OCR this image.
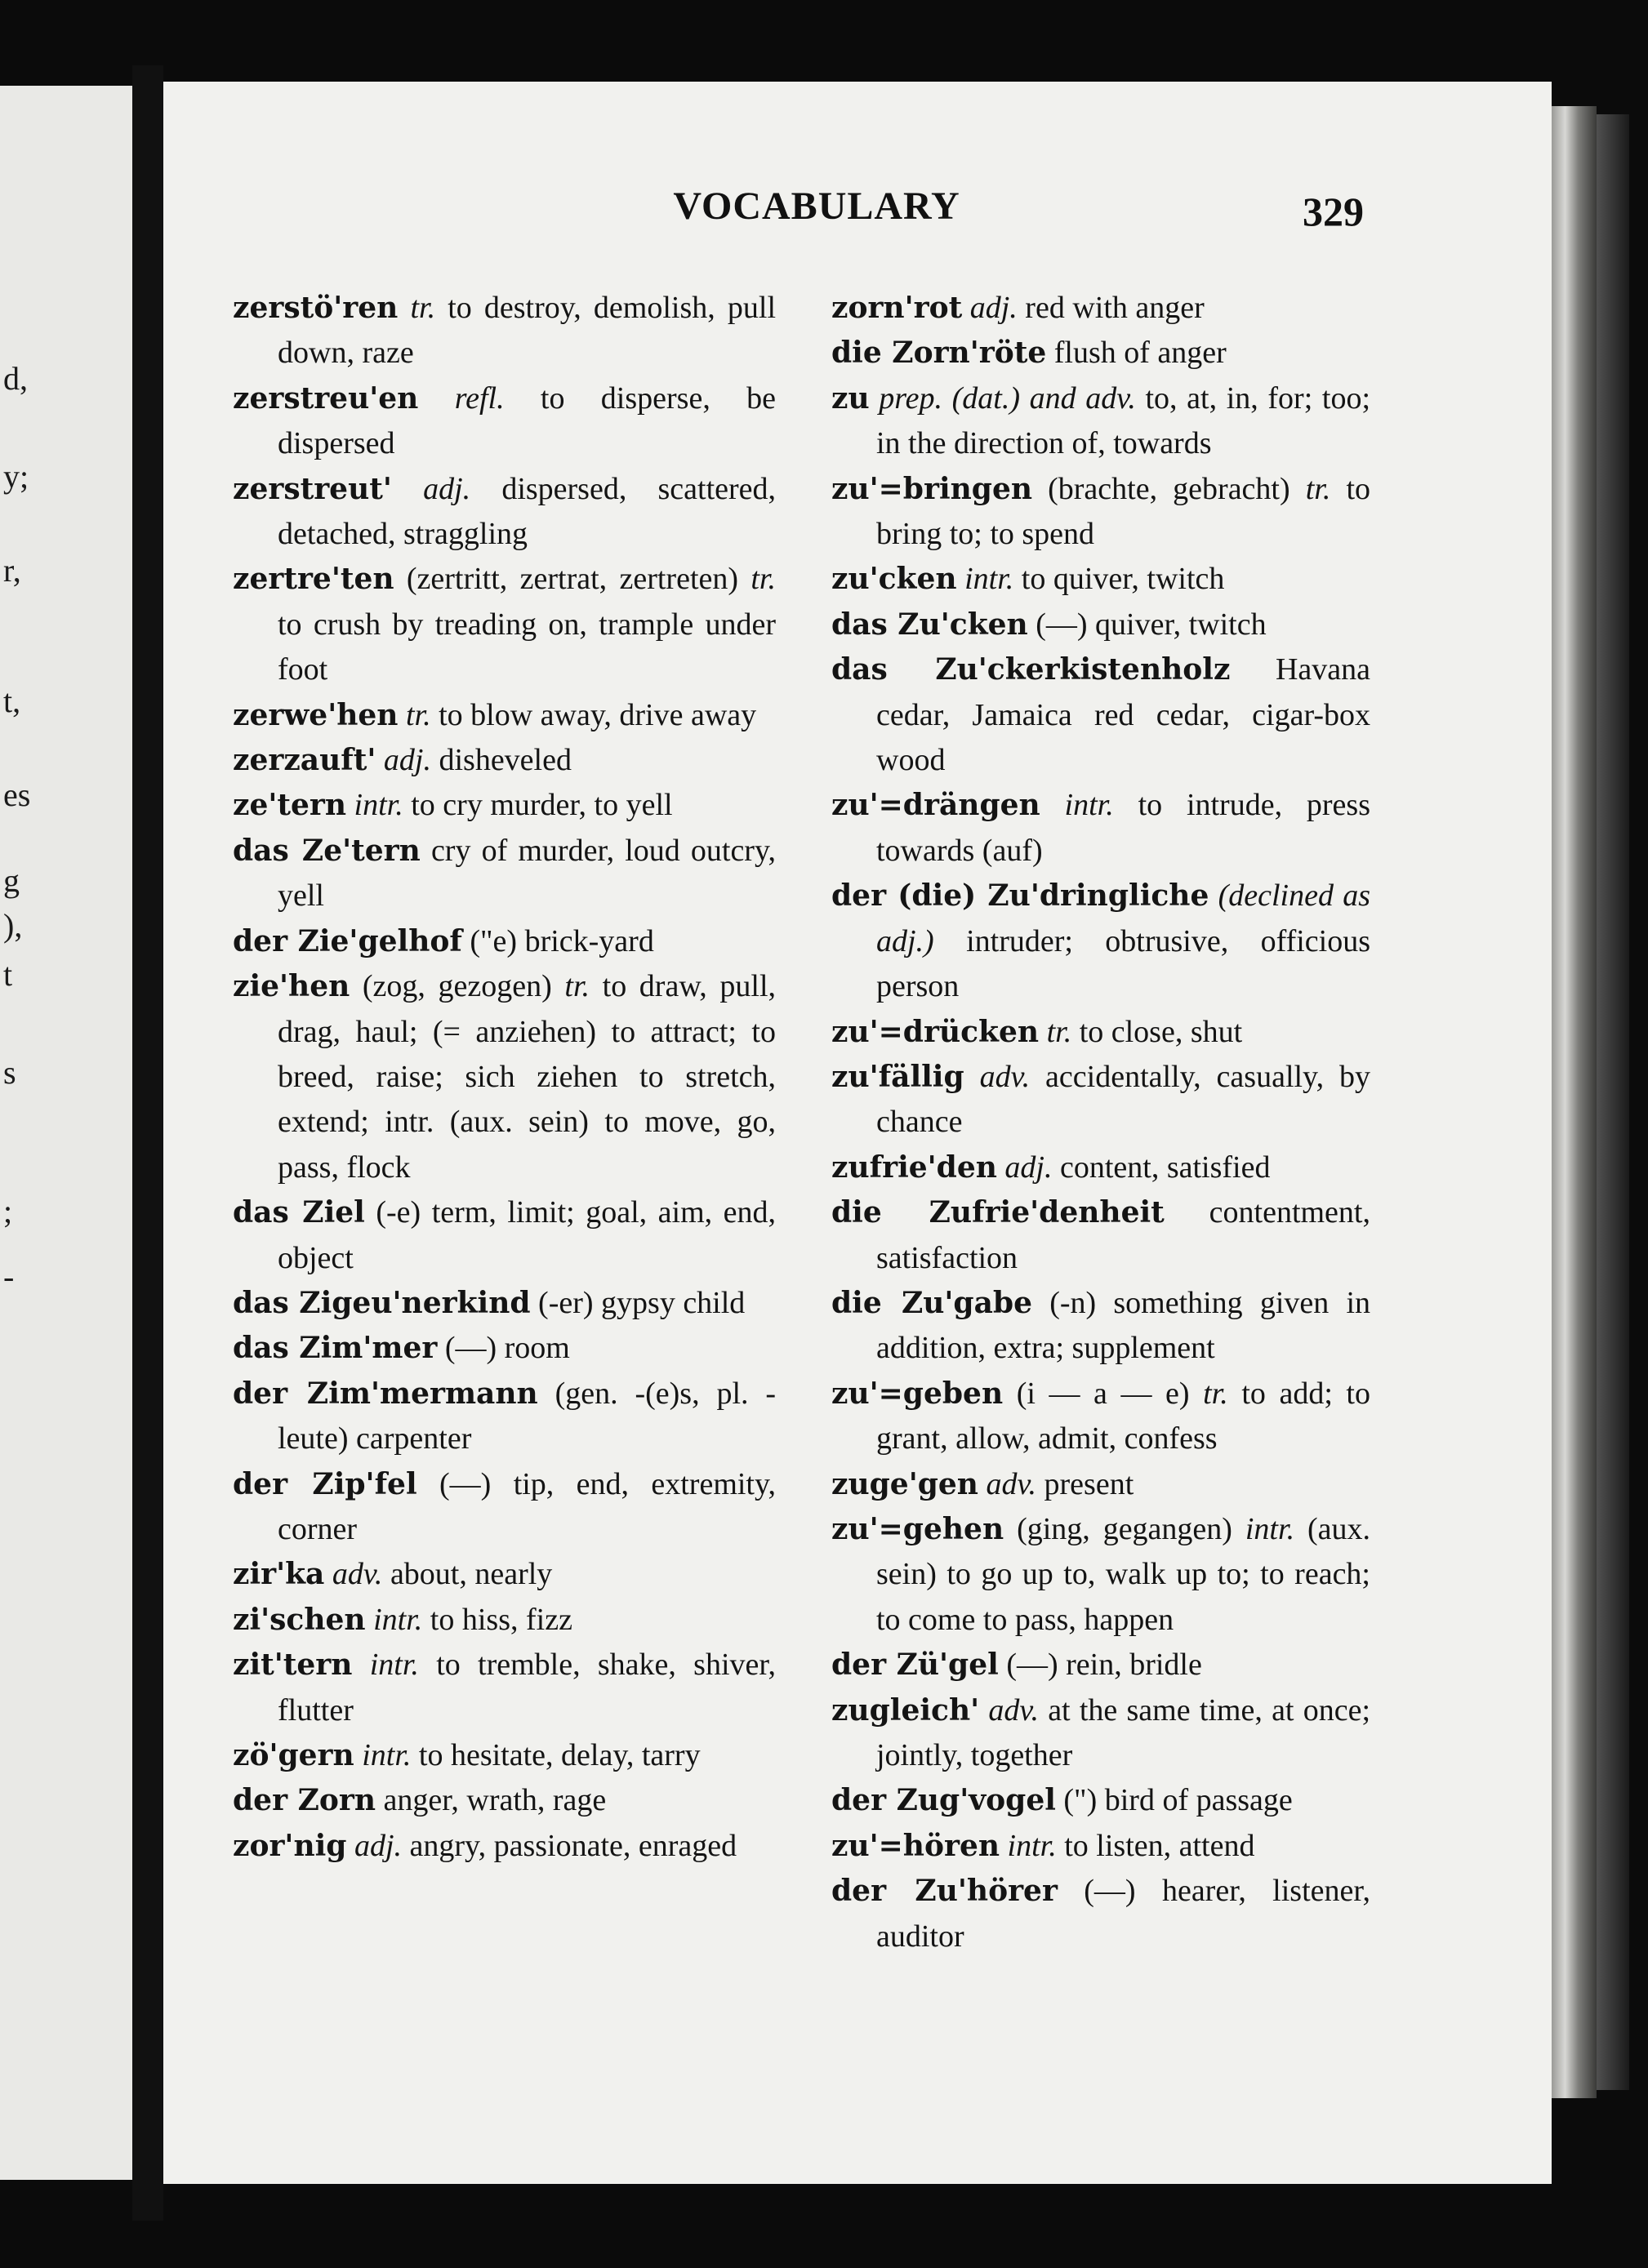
d,
y;
r,
t,
es
g
),
t
s
;
-
VOCABULARY	329
zerstö'ren tr. to destroy, demolish, pull down, raze
zerstreu'en refl. to disperse, be dispersed
zerstreut' adj. dispersed, scattered, detached, straggling
zertre'ten (zertritt, zertrat, zertreten) tr. to crush by treading on, trample under foot
zerwe'hen tr. to blow away, drive away
zerzauft' adj. disheveled
ze'tern intr. to cry murder, to yell
das Ze'tern cry of murder, loud outcry, yell
der Zie'gelhof ("e) brick-yard
zie'hen (zog, gezogen) tr. to draw, pull, drag, haul; (= anziehen) to attract; to breed, raise; sich ziehen to stretch, extend; intr. (aux. sein) to move, go, pass, flock
das Ziel (-e) term, limit; goal, aim, end, object
das Zigeu'nerkind (-er) gypsy child
das Zim'mer (—) room
der Zim'mermann (gen. -(e)s, pl. -leute) carpenter
der Zip'fel (—) tip, end, extremity, corner
zir'ka adv. about, nearly
zi'schen intr. to hiss, fizz
zit'tern intr. to tremble, shake, shiver, flutter
zö'gern intr. to hesitate, delay, tarry
der Zorn anger, wrath, rage
zor'nig adj. angry, passionate, enraged
zorn'rot adj. red with anger
die Zorn'röte flush of anger
zu prep. (dat.) and adv. to, at, in, for; too; in the direction of, towards
zu'=bringen (brachte, gebracht) tr. to bring to; to spend
zu'cken intr. to quiver, twitch
das Zu'cken (—) quiver, twitch
das Zu'ckerkistenholz Havana cedar, Jamaica red cedar, cigar-box wood
zu'=drängen intr. to intrude, press towards (auf)
der (die) Zu'dringliche (declined as adj.) intruder; obtrusive, officious person
zu'=drücken tr. to close, shut
zu'fällig adv. accidentally, casually, by chance
zufrie'den adj. content, satisfied
die Zufrie'denheit contentment, satisfaction
die Zu'gabe (-n) something given in addition, extra; supplement
zu'=geben (i — a — e) tr. to add; to grant, allow, admit, confess
zuge'gen adv. present
zu'=gehen (ging, gegangen) intr. (aux. sein) to go up to, walk up to; to reach; to come to pass, happen
der Zü'gel (—) rein, bridle
zugleich' adv. at the same time, at once; jointly, together
der Zug'vogel (") bird of passage
zu'=hören intr. to listen, attend
der Zu'hörer (—) hearer, listener, auditor
